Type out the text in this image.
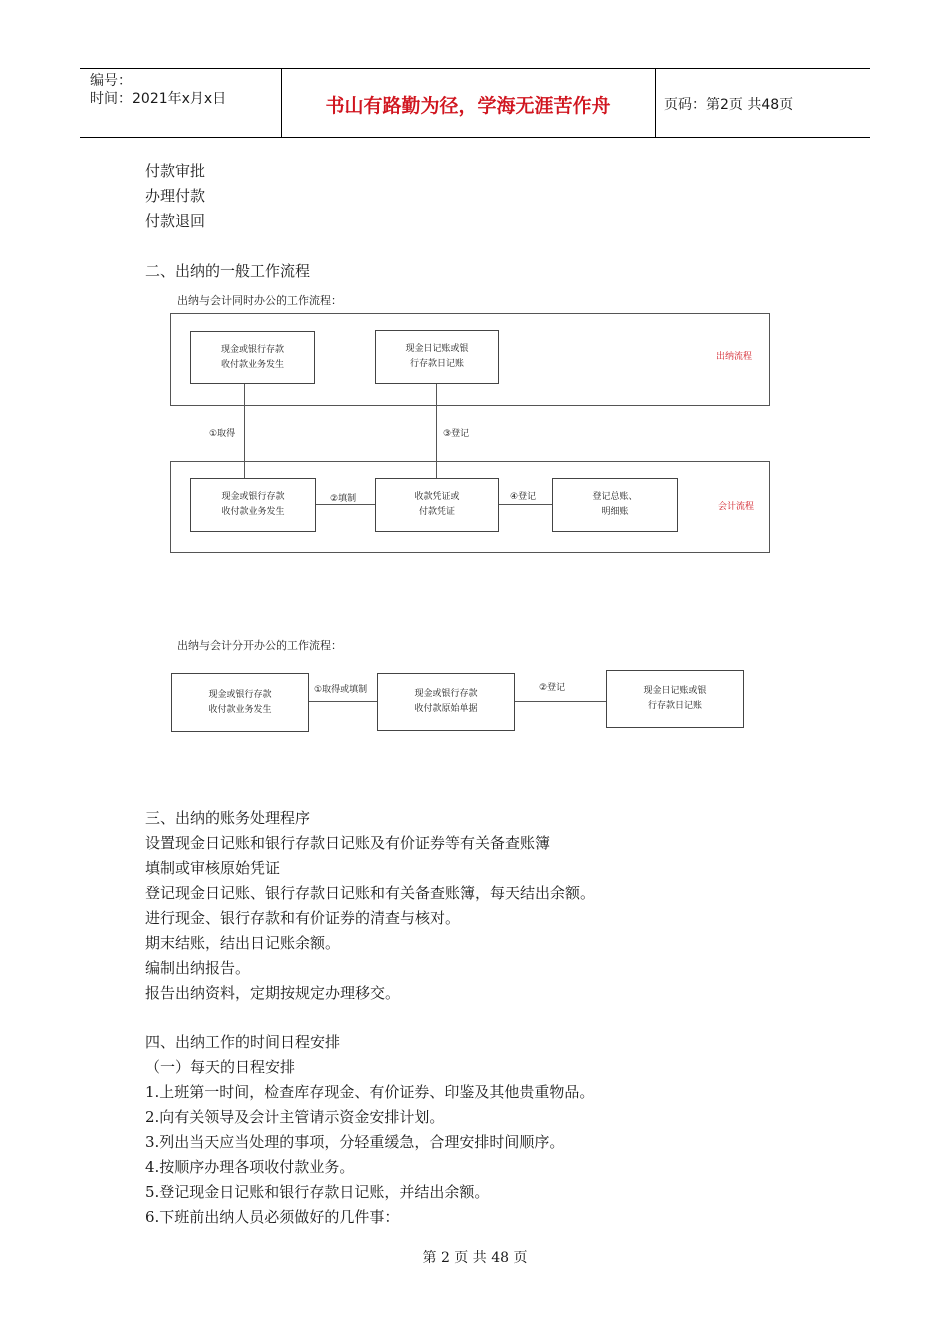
编号：
时间：2021年x月x日	书山有路勤为径，学海无涯苦作舟	页码：第2页 共48页
付款审批
办理付款
付款退回
二、出纳的一般工作流程
出纳与会计同时办公的工作流程：
现金或银行存款
收付款业务发生
现金日记账或银
行存款日记账
出纳流程
①取得	③登记
现金或银行存款
收付款业务发生
收款凭证或
付款凭证
登记总账、
明细账
②填制	④登记
会计流程
出纳与会计分开办公的工作流程：
现金或银行存款
收付款业务发生
现金或银行存款
收付款原始单据
现金日记账或银
行存款日记账
①取得或填制	②登记
三、出纳的账务处理程序
设置现金日记账和银行存款日记账及有价证券等有关备查账簿
填制或审核原始凭证
登记现金日记账、银行存款日记账和有关备查账簿，每天结出余额。
进行现金、银行存款和有价证券的清查与核对。
期末结账，结出日记账余额。
编制出纳报告。
报告出纳资料，定期按规定办理移交。
四、出纳工作的时间日程安排
（一）每天的日程安排
1.上班第一时间，检查库存现金、有价证券、印鉴及其他贵重物品。
2.向有关领导及会计主管请示资金安排计划。
3.列出当天应当处理的事项，分轻重缓急，合理安排时间顺序。
4.按顺序办理各项收付款业务。
5.登记现金日记账和银行存款日记账，并结出余额。
6.下班前出纳人员必须做好的几件事：
第 2 页 共 48 页
